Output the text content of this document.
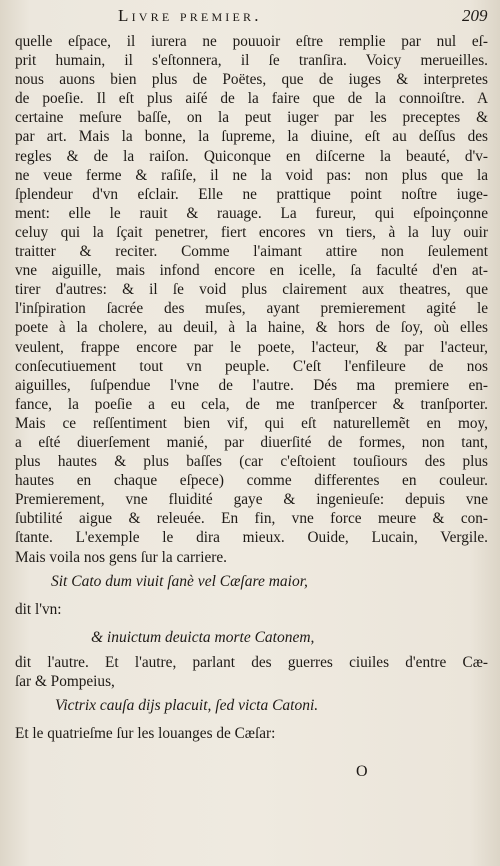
Livre premier.	209
quelle eſpace, il iurera ne pouuoir eſtre remplie par nul eſ-
prit humain, il s'eſtonnera, il ſe tranſira. Voicy merueilles.
nous auons bien plus de Poëtes, que de iuges & interpretes
de poeſie. Il eſt plus aiſé de la faire que de la connoiſtre. A
certaine meſure baſſe, on la peut iuger par les preceptes &
par art. Mais la bonne, la ſupreme, la diuine, eſt au deſſus des
regles & de la raiſon. Quiconque en diſcerne la beauté, d'v-
ne veue ferme & raſiſe, il ne la void pas: non plus que la
ſplendeur d'vn eſclair. Elle ne prattique point noſtre iuge-
ment: elle le rauit & rauage. La fureur, qui eſpoinçonne
celuy qui la ſçait penetrer, fiert encores vn tiers, à la luy ouir
traitter & reciter. Comme l'aimant attire non ſeulement
vne aiguille, mais infond encore en icelle, ſa faculté d'en at-
tirer d'autres: & il ſe void plus clairement aux theatres, que
l'inſpiration ſacrée des muſes, ayant premierement agité le
poete à la cholere, au deuil, à la haine, & hors de ſoy, où elles
veulent, frappe encore par le poete, l'acteur, & par l'acteur,
conſecutiuement tout vn peuple. C'eſt l'enfileure de nos
aiguilles, ſuſpendue l'vne de l'autre. Dés ma premiere en-
fance, la poeſie a eu cela, de me tranſpercer & tranſporter.
Mais ce reſſentiment bien vif, qui eſt naturellemẽt en moy,
a eſté diuerſement manié, par diuerſité de formes, non tant,
plus hautes & plus baſſes (car c'eſtoient touſiours des plus
hautes en chaque eſpece) comme differentes en couleur.
Premierement, vne fluidité gaye & ingenieuſe: depuis vne
ſubtilité aigue & releuée. En fin, vne force meure & con-
ſtante. L'exemple le dira mieux. Ouide, Lucain, Vergile.
Mais voila nos gens ſur la carriere.
Sit Cato dum viuit ſanè vel Cæſare maior,
dit l'vn:
& inuictum deuicta morte Catonem,
dit l'autre. Et l'autre, parlant des guerres ciuiles d'entre Cæ-
ſar & Pompeius,
Victrix cauſa dijs placuit, ſed victa Catoni.
Et le quatrieſme ſur les louanges de Cæſar:
O
